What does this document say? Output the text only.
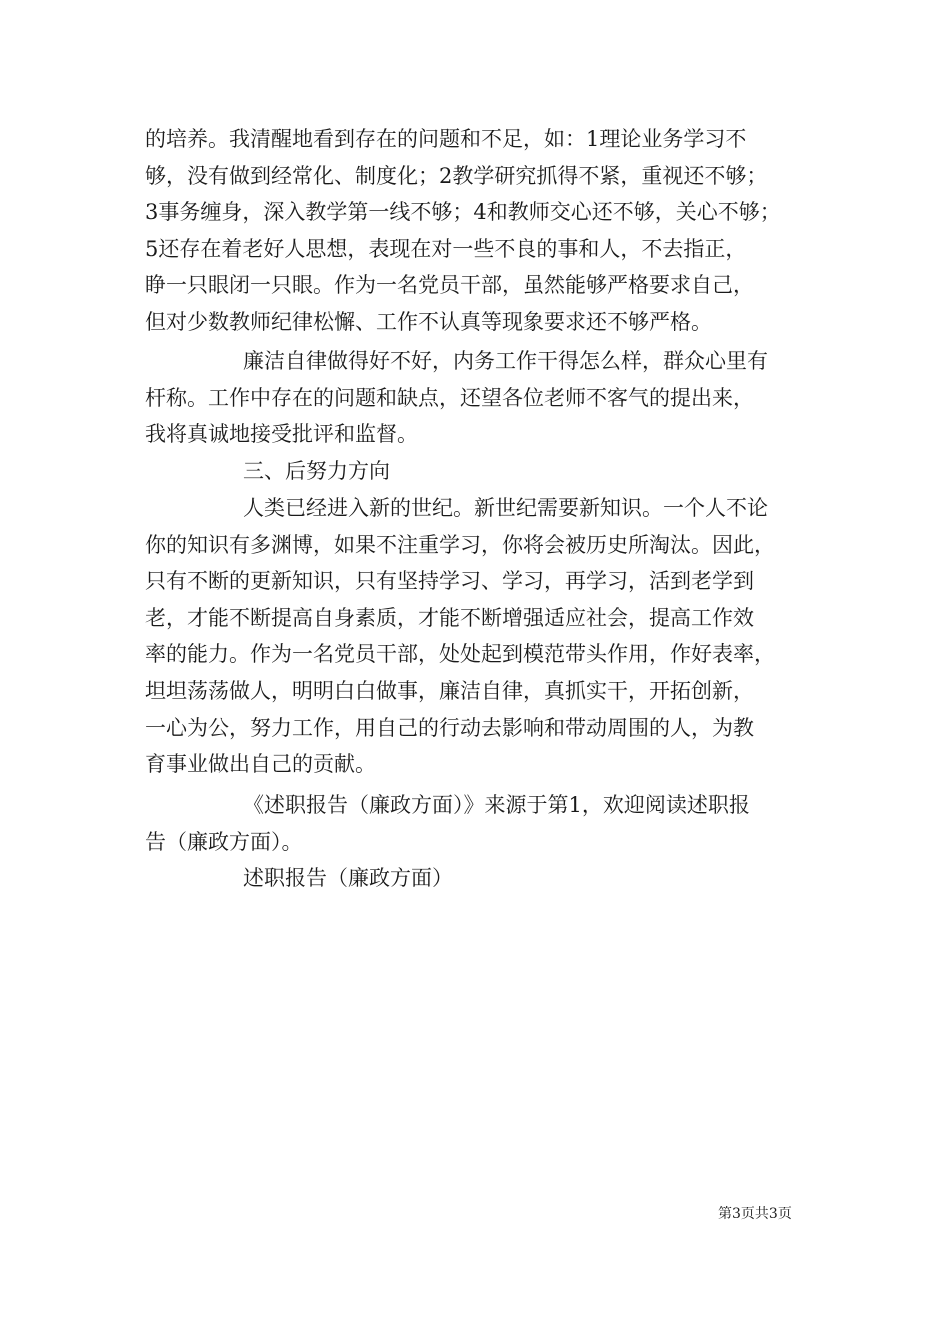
的培养。我清醒地看到存在的问题和不足，如：1理论业务学习不
够，没有做到经常化、制度化；2教学研究抓得不紧，重视还不够；
3事务缠身，深入教学第一线不够；4和教师交心还不够，关心不够；
5还存在着老好人思想，表现在对一些不良的事和人，不去指正，
睁一只眼闭一只眼。作为一名党员干部，虽然能够严格要求自己，
但对少数教师纪律松懈、工作不认真等现象要求还不够严格。
廉洁自律做得好不好，内务工作干得怎么样，群众心里有
杆称。工作中存在的问题和缺点，还望各位老师不客气的提出来，
我将真诚地接受批评和监督。
三、后努力方向
人类已经进入新的世纪。新世纪需要新知识。一个人不论
你的知识有多渊博，如果不注重学习，你将会被历史所淘汰。因此，
只有不断的更新知识，只有坚持学习、学习，再学习，活到老学到
老，才能不断提高自身素质，才能不断增强适应社会，提高工作效
率的能力。作为一名党员干部，处处起到模范带头作用，作好表率，
坦坦荡荡做人，明明白白做事，廉洁自律，真抓实干，开拓创新，
一心为公，努力工作，用自己的行动去影响和带动周围的人，为教
育事业做出自己的贡献。
《述职报告（廉政方面）》来源于第1，欢迎阅读述职报
告（廉政方面）。
述职报告（廉政方面）
第3页共3页
